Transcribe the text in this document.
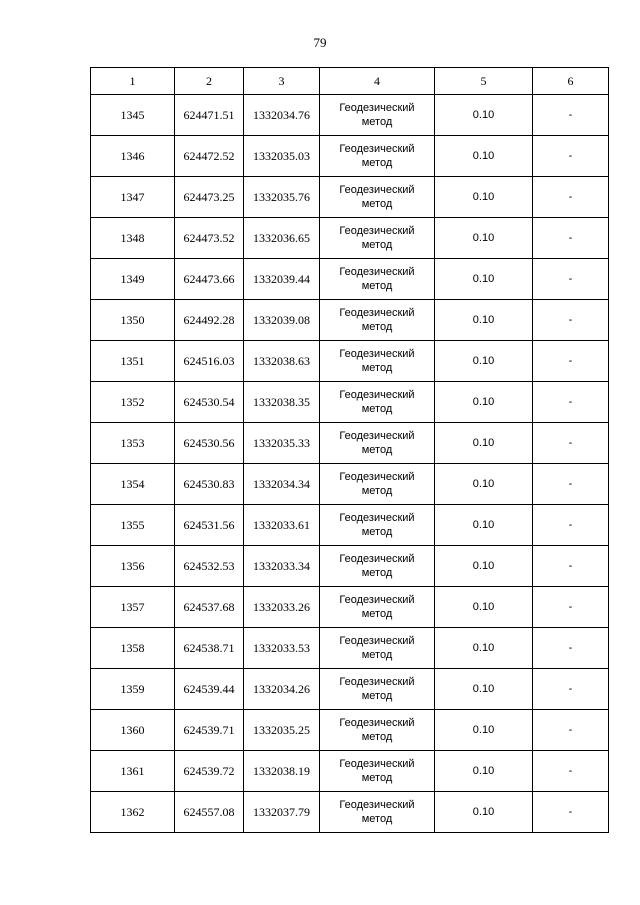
79
1	2	3	4	5	6
1345	624471.51	1332034.76	Геодезический метод	0.10	-
1346	624472.52	1332035.03	Геодезический метод	0.10	-
1347	624473.25	1332035.76	Геодезический метод	0.10	-
1348	624473.52	1332036.65	Геодезический метод	0.10	-
1349	624473.66	1332039.44	Геодезический метод	0.10	-
1350	624492.28	1332039.08	Геодезический метод	0.10	-
1351	624516.03	1332038.63	Геодезический метод	0.10	-
1352	624530.54	1332038.35	Геодезический метод	0.10	-
1353	624530.56	1332035.33	Геодезический метод	0.10	-
1354	624530.83	1332034.34	Геодезический метод	0.10	-
1355	624531.56	1332033.61	Геодезический метод	0.10	-
1356	624532.53	1332033.34	Геодезический метод	0.10	-
1357	624537.68	1332033.26	Геодезический метод	0.10	-
1358	624538.71	1332033.53	Геодезический метод	0.10	-
1359	624539.44	1332034.26	Геодезический метод	0.10	-
1360	624539.71	1332035.25	Геодезический метод	0.10	-
1361	624539.72	1332038.19	Геодезический метод	0.10	-
1362	624557.08	1332037.79	Геодезический метод	0.10	-
